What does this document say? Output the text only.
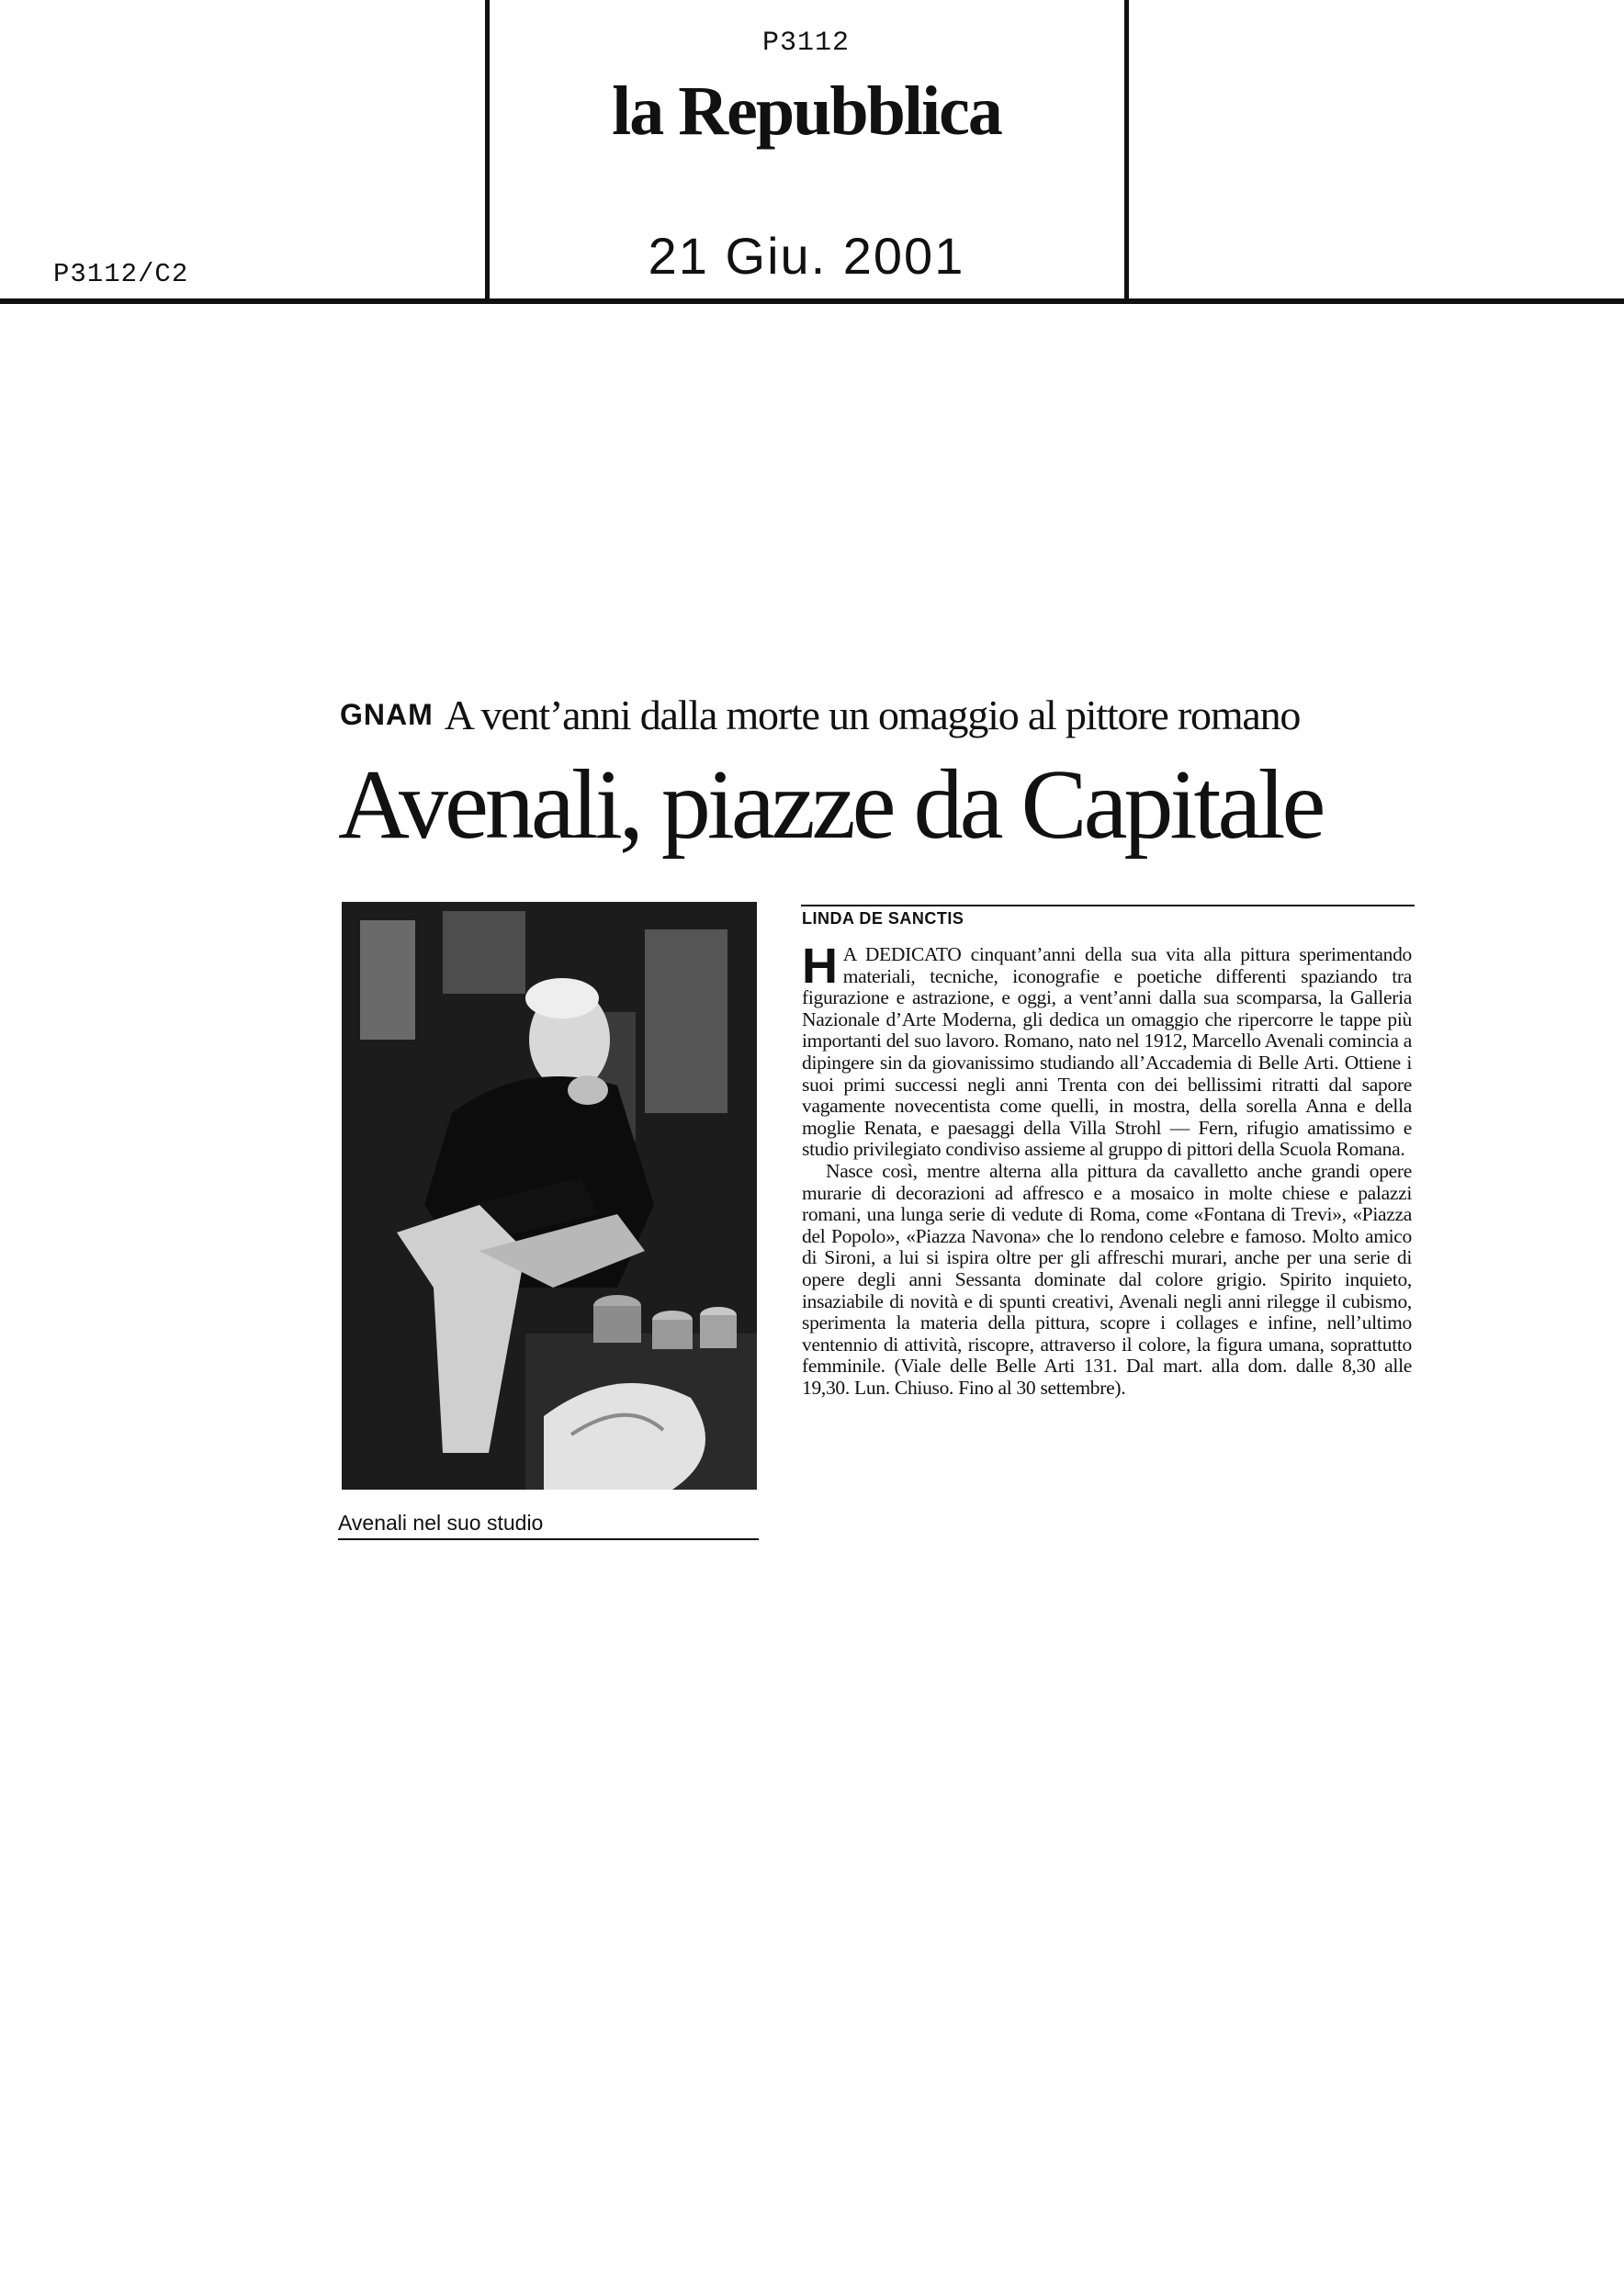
P3112
la Repubblica
21 Giu. 2001
P3112/C2
GNAM A vent’anni dalla morte un omaggio al pittore romano
Avenali, piazze da Capitale
Avenali nel suo studio
LINDA DE SANCTIS

H A DEDICATO cinquant’anni della sua vita alla pittura sperimentando materiali, tecniche, iconografie e poetiche differenti spaziando tra figurazione e astrazione, e oggi, a vent’anni dalla sua scomparsa, la Galleria Nazionale d’Arte Moderna, gli dedica un omaggio che ripercorre le tappe più importanti del suo lavoro. Romano, nato nel 1912, Marcello Avenali comincia a dipingere sin da giovanissimo studiando all’Accademia di Belle Arti. Ottiene i suoi primi successi negli anni Trenta con dei bellissimi ritratti dal sapore vagamente novecentista come quelli, in mostra, della sorella Anna e della moglie Renata, e paesaggi della Villa Strohl — Fern, rifugio amatissimo e studio privilegiato condiviso assieme al gruppo di pittori della Scuola Romana.

Nasce così, mentre alterna alla pittura da cavalletto anche grandi opere murarie di decorazioni ad affresco e a mosaico in molte chiese e palazzi romani, una lunga serie di vedute di Roma, come «Fontana di Trevi», «Piazza del Popolo», «Piazza Navona» che lo rendono celebre e famoso. Molto amico di Sironi, a lui si ispira oltre per gli affreschi murari, anche per una serie di opere degli anni Sessanta dominate dal colore grigio. Spirito inquieto, insaziabile di novità e di spunti creativi, Avenali negli anni rilegge il cubismo, sperimenta la materia della pittura, scopre i collages e infine, nell’ultimo ventennio di attività, riscopre, attraverso il colore, la figura umana, soprattutto femminile. (Viale delle Belle Arti 131. Dal mart. alla dom. dalle 8,30 alle 19,30. Lun. Chiuso. Fino al 30 settembre).
